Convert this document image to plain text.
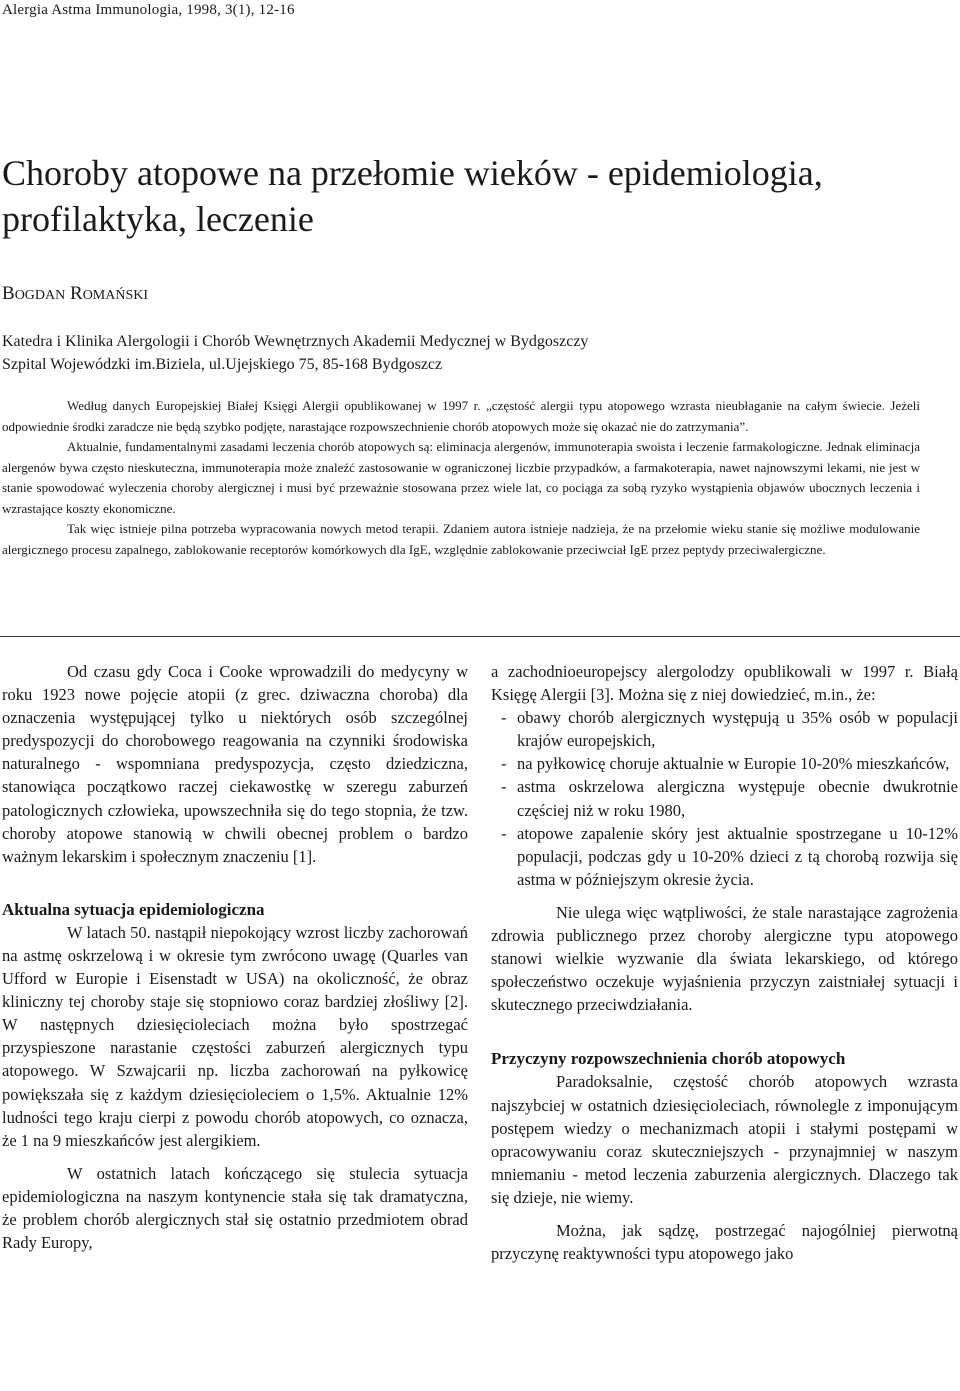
Alergia Astma Immunologia, 1998, 3(1), 12-16
Choroby atopowe na przełomie wieków - epidemiologia,
profilaktyka, leczenie
BOGDAN ROMAŃSKI
Katedra i Klinika Alergologii i Chorób Wewnętrznych Akademii Medycznej w Bydgoszczy
Szpital Wojewódzki im.Biziela, ul.Ujejskiego 75, 85-168 Bydgoszcz

Według danych Europejskiej Białej Księgi Alergii opublikowanej w 1997 r. „częstość alergii typu atopowego wzrasta nieubłaganie na całym świecie. Jeżeli odpowiednie środki zaradcze nie będą szybko podjęte, narastające rozpowszechnienie chorób atopowych może się okazać nie do zatrzymania”.

Aktualnie, fundamentalnymi zasadami leczenia chorób atopowych są: eliminacja alergenów, immunoterapia swoista i leczenie farmakologiczne. Jednak eliminacja alergenów bywa często nieskuteczna, immunoterapia może znaleźć zastosowanie w ograniczonej liczbie przypadków, a farmakoterapia, nawet najnowszymi lekami, nie jest w stanie spowodować wyleczenia choroby alergicznej i musi być przeważnie stosowana przez wiele lat, co pociąga za sobą ryzyko wystąpienia objawów ubocznych leczenia i wzrastające koszty ekonomiczne.

Tak więc istnieje pilna potrzeba wypracowania nowych metod terapii. Zdaniem autora istnieje nadzieja, że na przełomie wieku stanie się możliwe modulowanie alergicznego procesu zapalnego, zablokowanie receptorów komórkowych dla IgE, względnie zablokowanie przeciwciał IgE przez peptydy przeciwalergiczne.

Od czasu gdy Coca i Cooke wprowadzili do medycyny w roku 1923 nowe pojęcie atopii (z grec. dziwaczna choroba) dla oznaczenia występującej tylko u niektórych osób szczególnej predyspozycji do chorobowego reagowania na czynniki środowiska naturalnego - wspomniana predyspozycja, często dziedziczna, stanowiąca początkowo raczej ciekawostkę w szeregu zaburzeń patologicznych człowieka, upowszechniła się do tego stopnia, że tzw. choroby atopowe stanowią w chwili obecnej problem o bardzo ważnym lekarskim i społecznym znaczeniu [1].

Aktualna sytuacja epidemiologiczna

W latach 50. nastąpił niepokojący wzrost liczby zachorowań na astmę oskrzelową i w okresie tym zwrócono uwagę (Quarles van Ufford w Europie i Eisenstadt w USA) na okoliczność, że obraz kliniczny tej choroby staje się stopniowo coraz bardziej złośliwy [2]. W następnych dziesięcioleciach można było spostrzegać przyspieszone narastanie częstości zaburzeń alergicznych typu atopowego. W Szwajcarii np. liczba zachorowań na pyłkowicę powiększała się z każdym dziesięcioleciem o 1,5%. Aktualnie 12% ludności tego kraju cierpi z powodu chorób atopowych, co oznacza, że 1 na 9 mieszkańców jest alergikiem.

W ostatnich latach kończącego się stulecia sytuacja epidemiologiczna na naszym kontynencie stała się tak dramatyczna, że problem chorób alergicznych stał się ostatnio przedmiotem obrad Rady Europy,

a zachodnioeuropejscy alergolodzy opublikowali w 1997 r. Białą Księgę Alergii [3]. Można się z niej dowiedzieć, m.in., że:

- obawy chorób alergicznych występują u 35% osób w populacji krajów europejskich,
- na pyłkowicę choruje aktualnie w Europie 10-20% mieszkańców,
- astma oskrzelowa alergiczna występuje obecnie dwukrotnie częściej niż w roku 1980,
- atopowe zapalenie skóry jest aktualnie spostrzegane u 10-12% populacji, podczas gdy u 10-20% dzieci z tą chorobą rozwija się astma w późniejszym okresie życia.

Nie ulega więc wątpliwości, że stale narastające zagrożenia zdrowia publicznego przez choroby alergiczne typu atopowego stanowi wielkie wyzwanie dla świata lekarskiego, od którego społeczeństwo oczekuje wyjaśnienia przyczyn zaistniałej sytuacji i skutecznego przeciwdziałania.

Przyczyny rozpowszechnienia chorób atopowych

Paradoksalnie, częstość chorób atopowych wzrasta najszybciej w ostatnich dziesięcioleciach, równolegle z imponującym postępem wiedzy o mechanizmach atopii i stałymi postępami w opracowywaniu coraz skuteczniejszych - przynajmniej w naszym mniemaniu - metod leczenia zaburzenia alergicznych. Dlaczego tak się dzieje, nie wiemy.

Można, jak sądzę, postrzegać najogólniej pierwotną przyczynę reaktywności typu atopowego jako
